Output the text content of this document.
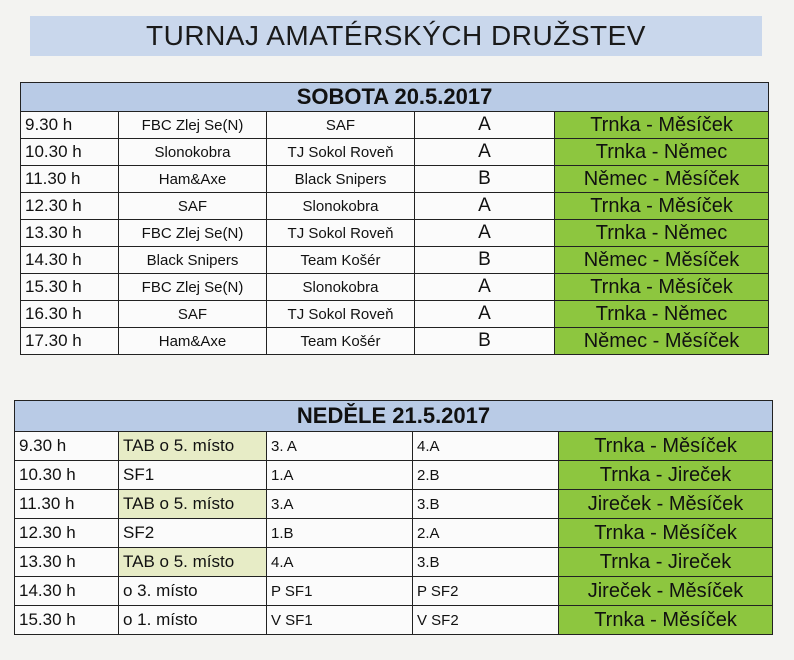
TURNAJ AMATÉRSKÝCH DRUŽSTEV
SOBOTA 20.5.2017				
9.30 h	FBC Zlej Se(N)	SAF	A	Trnka - Měsíček
10.30 h	Slonokobra	TJ Sokol Roveň	A	Trnka - Němec
11.30 h	Ham&Axe	Black Snipers	B	Němec - Měsíček
12.30 h	SAF	Slonokobra	A	Trnka - Měsíček
13.30 h	FBC Zlej Se(N)	TJ Sokol Roveň	A	Trnka - Němec
14.30 h	Black Snipers	Team Košér	B	Němec - Měsíček
15.30 h	FBC Zlej Se(N)	Slonokobra	A	Trnka - Měsíček
16.30 h	SAF	TJ Sokol Roveň	A	Trnka - Němec
17.30 h	Ham&Axe	Team Košér	B	Němec - Měsíček
NEDĚLE 21.5.2017				
9.30 h	TAB o 5. místo	3. A	4.A	Trnka - Měsíček
10.30 h	SF1	1.A	2.B	Trnka - Jireček
11.30 h	TAB o 5. místo	3.A	3.B	Jireček - Měsíček
12.30 h	SF2	1.B	2.A	Trnka - Měsíček
13.30 h	TAB o 5. místo	4.A	3.B	Trnka - Jireček
14.30 h	o 3. místo	P SF1	P SF2	Jireček - Měsíček
15.30 h	o 1. místo	V SF1	V SF2	Trnka - Měsíček
